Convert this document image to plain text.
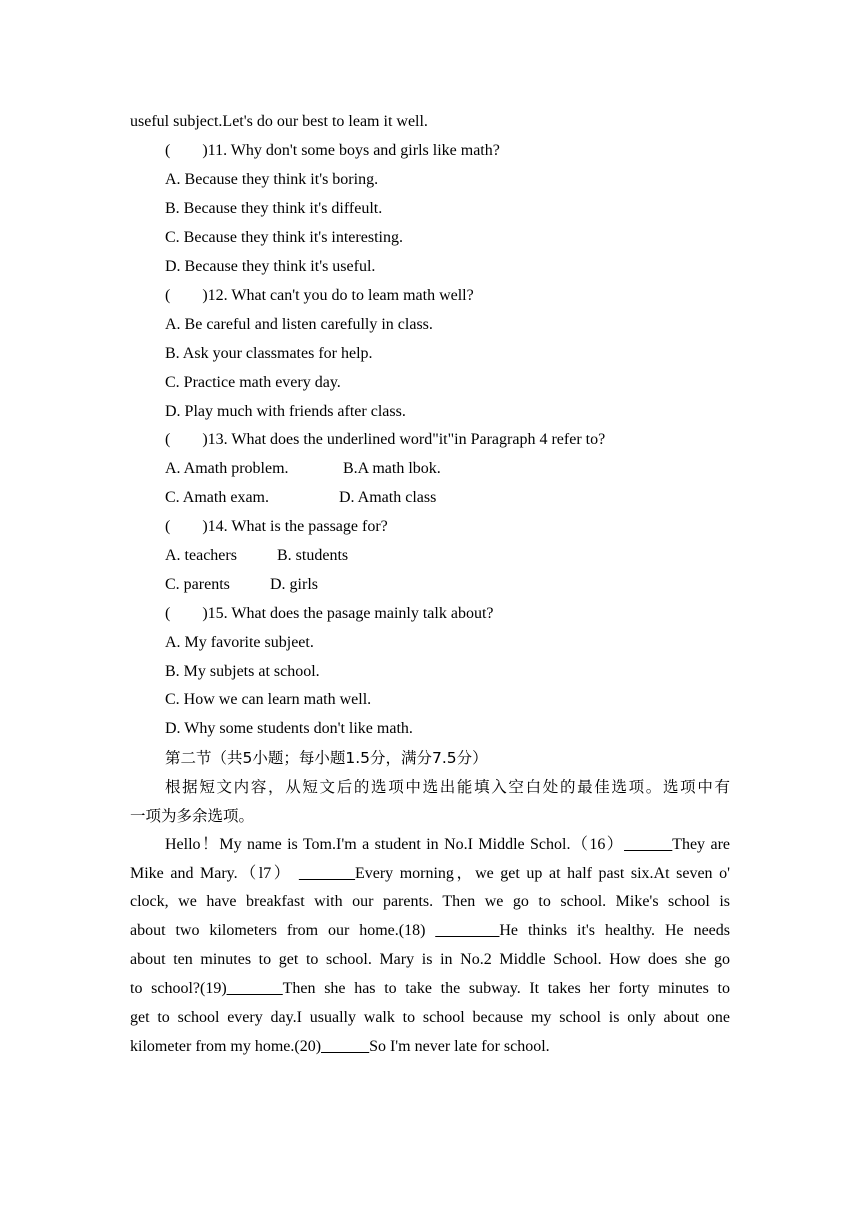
useful subject.Let's do our best to leam it well.
(　　)11. Why don't some boys and girls like math?
A. Because they think it's boring.
B. Because they think it's diffeult.
C. Because they think it's interesting.
D. Because they think it's useful.
(　　)12. What can't you do to leam math well?
A. Be careful and listen carefully in class.
B. Ask your classmates for help.
C. Practice math every day.
D. Play much with friends after class.
(　　)13. What does the underlined word"it"in Paragraph 4 refer to?
A. Amath problem.	B.A math lbok.
C. Amath exam.	D. Amath class
(　　)14. What is the passage for?
A. teachers	B. students
C. parents	D. girls
(　　)15. What does the pasage mainly talk about?
A. My favorite subjeet.
B. My subjets at school.
C. How we can learn math well.
D. Why some students don't like math.
第二节（共5小题；每小题1.5分，满分7.5分）
根据短文内容，从短文后的选项中选出能填入空白处的最佳选项。选项中有
一项为多余选项。
Hello！My name is Tom.I'm a student in No.I Middle Schol.（16）______They are
Mike and Mary.（l7） _______Every morning，we get up at half past six.At seven o'
clock, we have breakfast with our parents. Then we go to school. Mike's school is
about two kilometers from our home.(18) ________He thinks it's healthy. He needs
about ten minutes to get to school. Mary is in No.2 Middle School. How does she go
to school?(19)_______Then she has to take the subway. It takes her forty minutes to
get to school every day.I usually walk to school because my school is only about one
kilometer from my home.(20)______So I'm never late for school.
